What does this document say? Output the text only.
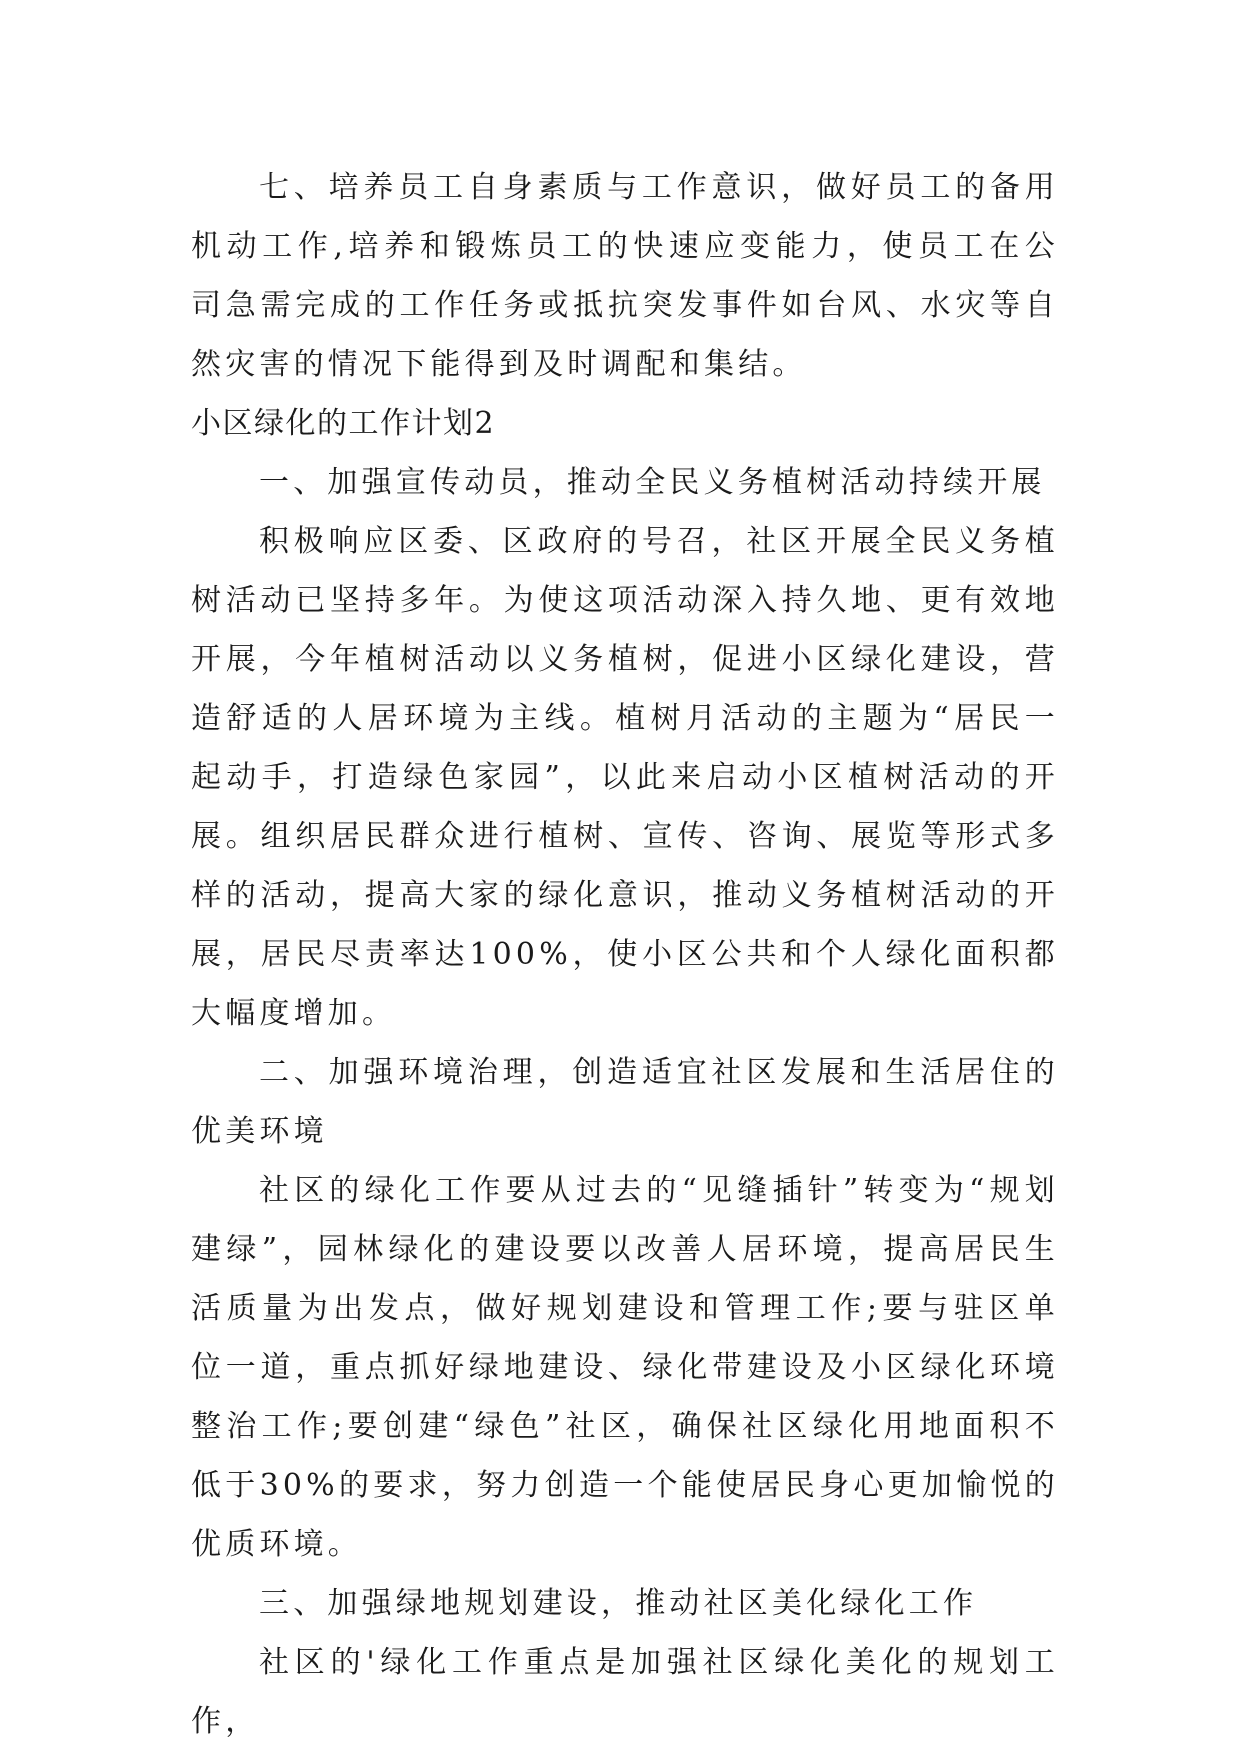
七、培养员工自身素质与工作意识，做好员工的备用机动工作,培养和锻炼员工的快速应变能力，使员工在公司急需完成的工作任务或抵抗突发事件如台风、水灾等自然灾害的情况下能得到及时调配和集结。

小区绿化的工作计划2

一、加强宣传动员，推动全民义务植树活动持续开展

积极响应区委、区政府的号召，社区开展全民义务植树活动已坚持多年。为使这项活动深入持久地、更有效地开展，今年植树活动以义务植树，促进小区绿化建设，营造舒适的人居环境为主线。植树月活动的主题为“居民一起动手，打造绿色家园”，以此来启动小区植树活动的开展。组织居民群众进行植树、宣传、咨询、展览等形式多样的活动，提高大家的绿化意识，推动义务植树活动的开展，居民尽责率达100%，使小区公共和个人绿化面积都大幅度增加。

二、加强环境治理，创造适宜社区发展和生活居住的优美环境

社区的绿化工作要从过去的“见缝插针”转变为“规划建绿”，园林绿化的建设要以改善人居环境，提高居民生活质量为出发点，做好规划建设和管理工作;要与驻区单位一道，重点抓好绿地建设、绿化带建设及小区绿化环境整治工作;要创建“绿色”社区，确保社区绿化用地面积不低于30%的要求，努力创造一个能使居民身心更加愉悦的优质环境。

三、加强绿地规划建设，推动社区美化绿化工作

社区的'绿化工作重点是加强社区绿化美化的规划工作，
